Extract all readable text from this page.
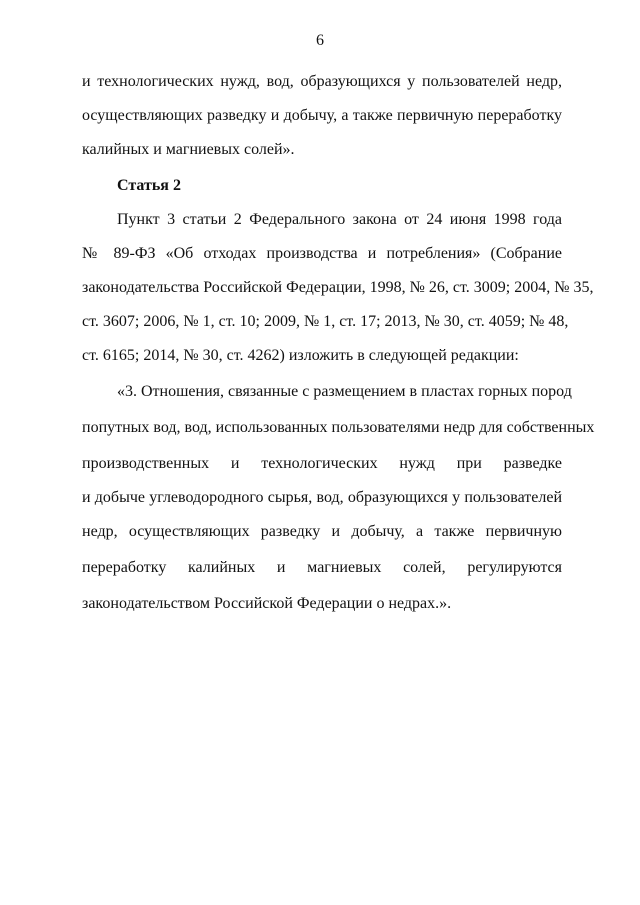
6
и технологических нужд, вод, образующихся у пользователей недр,
осуществляющих разведку и добычу, а также первичную переработку
калийных и магниевых солей».
Статья 2
Пункт 3 статьи 2 Федерального закона от 24 июня 1998 года
№ 89-ФЗ «Об отходах производства и потребления» (Собрание
законодательства Российской Федерации, 1998, № 26, ст. 3009; 2004, № 35,
ст. 3607; 2006, № 1, ст. 10; 2009, № 1, ст. 17; 2013, № 30, ст. 4059; № 48,
ст. 6165; 2014, № 30, ст. 4262) изложить в следующей редакции:
«3. Отношения, связанные с размещением в пластах горных пород
попутных вод, вод, использованных пользователями недр для собственных
производственных и технологических нужд при разведке
и добыче углеводородного сырья, вод, образующихся у пользователей
недр, осуществляющих разведку и добычу, а также первичную
переработку калийных и магниевых солей, регулируются
законодательством Российской Федерации о недрах.».
